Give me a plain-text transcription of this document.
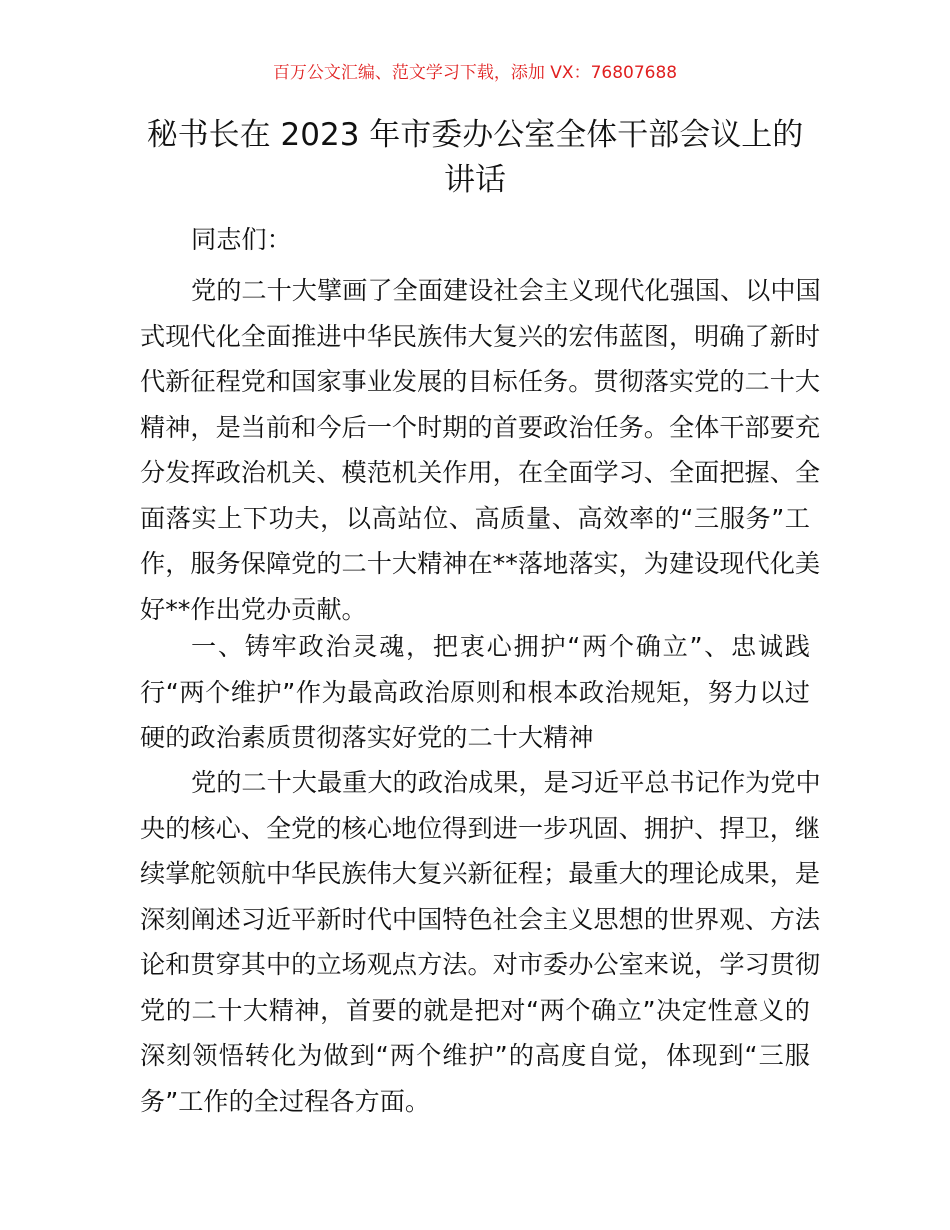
百万公文汇编、范文学习下载，添加 VX：76807688
秘书长在 2023 年市委办公室全体干部会议上的
讲话
同志们：
党的二十大擘画了全面建设社会主义现代化强国、以中国
式现代化全面推进中华民族伟大复兴的宏伟蓝图，明确了新时
代新征程党和国家事业发展的目标任务。贯彻落实党的二十大
精神，是当前和今后一个时期的首要政治任务。全体干部要充
分发挥政治机关、模范机关作用，在全面学习、全面把握、全
面落实上下功夫，以高站位、高质量、高效率的“三服务”工
作，服务保障党的二十大精神在**落地落实，为建设现代化美
好**作出党办贡献。
一、铸牢政治灵魂，把衷心拥护“两个确立”、忠诚践
行“两个维护”作为最高政治原则和根本政治规矩，努力以过
硬的政治素质贯彻落实好党的二十大精神
党的二十大最重大的政治成果，是习近平总书记作为党中
央的核心、全党的核心地位得到进一步巩固、拥护、捍卫，继
续掌舵领航中华民族伟大复兴新征程；最重大的理论成果，是
深刻阐述习近平新时代中国特色社会主义思想的世界观、方法
论和贯穿其中的立场观点方法。对市委办公室来说，学习贯彻
党的二十大精神，首要的就是把对“两个确立”决定性意义的
深刻领悟转化为做到“两个维护”的高度自觉，体现到“三服
务”工作的全过程各方面。
